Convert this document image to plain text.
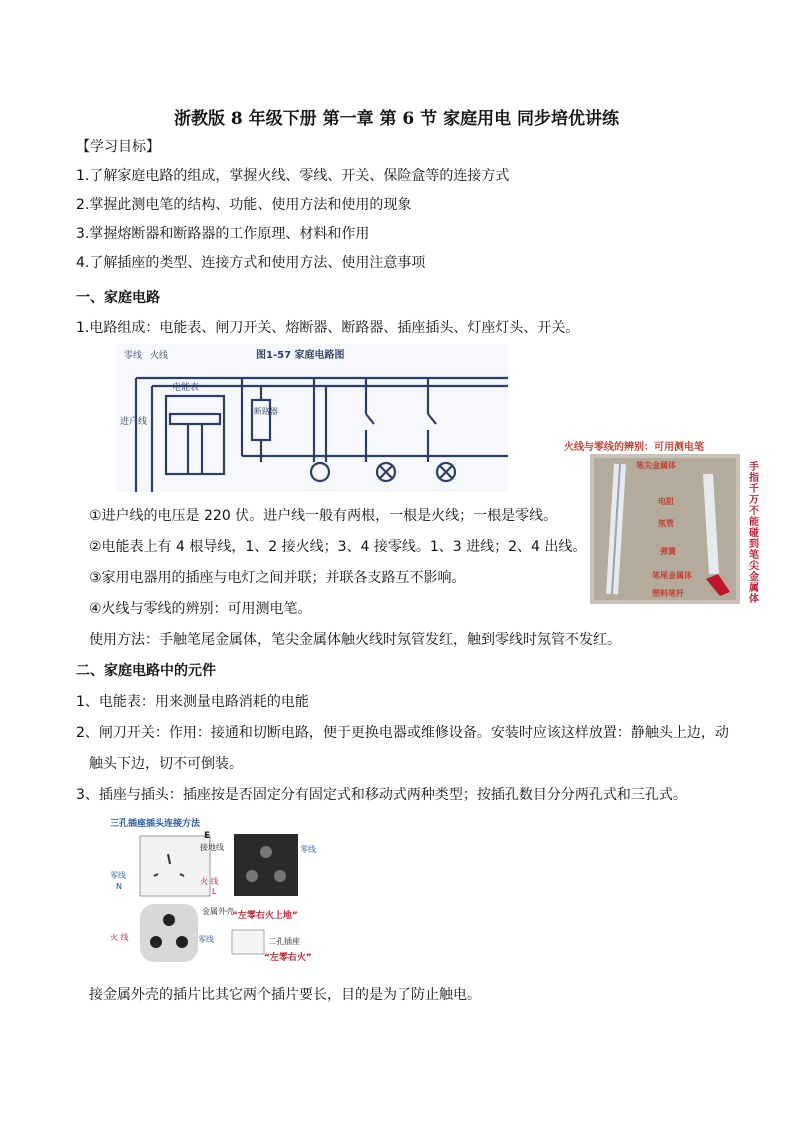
浙教版 8 年级下册 第一章 第 6 节 家庭用电 同步培优讲练
【学习目标】
1.了解家庭电路的组成，掌握火线、零线、开关、保险盒等的连接方式
2.掌握此测电笔的结构、功能、使用方法和使用的现象
3.掌握熔断器和断路器的工作原理、材料和作用
4.了解插座的类型、连接方式和使用方法、使用注意事项
一、家庭电路
1.电路组成：电能表、闸刀开关、熔断器、断路器、插座插头、灯座灯头、开关。
零线 火线
电能表
进户线
图1-57 家庭电路图
断路器
火线与零线的辨别：可用测电笔
笔尖金属体
电阻
氖管
弹簧
笔尾金属体
塑料笔杆
手指千万不能碰到笔尖金属体
①进户线的电压是 220 伏。进户线一般有两根，一根是火线；一根是零线。
②电能表上有 4 根导线，1、2 接火线；3、4 接零线。1、3 进线；2、4 出线。
③家用电器用的插座与电灯之间并联；并联各支路互不影响。
④火线与零线的辨别：可用测电笔。
使用方法：手触笔尾金属体，笔尖金属体触火线时氖管发红，触到零线时氖管不发红。
二、家庭电路中的元件
1、电能表：用来测量电路消耗的电能
2、闸刀开关：作用：接通和切断电路，便于更换电器或维修设备。安装时应该这样放置：静触头上边，动
触头下边，切不可倒装。
3、插座与插头：插座按是否固定分有固定式和移动式两种类型；按插孔数目分分两孔式和三孔式。
三孔插座插头连接方法
E
接地线
零线
N
火 线
L
零线
金属外壳
火 线	零线
“左零右火上地”
二孔插座
“左零右火”
接金属外壳的插片比其它两个插片要长，目的是为了防止触电。
